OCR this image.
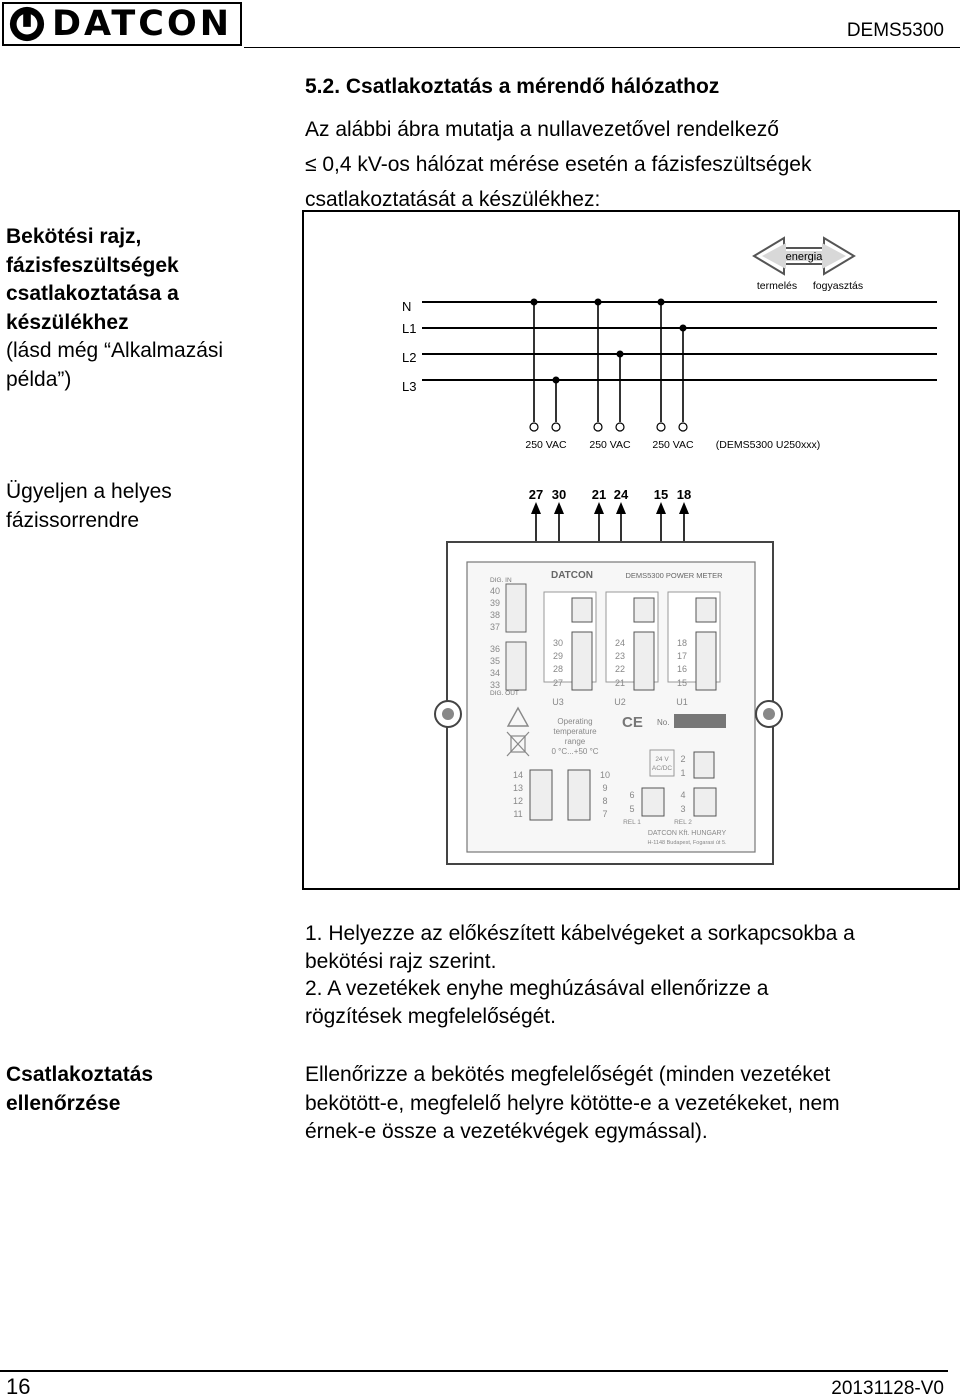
DATCON	DEMS5300
5.2. Csatlakoztatás a mérendő hálózathoz
Az alábbi ábra mutatja a nullavezetővel rendelkező
≤ 0,4 kV-os hálózat mérése esetén a fázisfeszültségek
csatlakoztatását a készülékhez:
Bekötési rajz,
fázisfeszültségek
csatlakoztatása a
készülékhez
(lásd még “Alkalmazási
példa”)
Ügyeljen a helyes
fázissorrendre
Csatlakoztatás
ellenőrzése
energia
termelés fogyasztás
N
L1
L2
L3
250 VAC 250 VAC 250 VAC (DEMS5300 U250xxx)
27 30 21 24 15 18
DATCON	DEMS5300 POWER METER
DIG. IN
DIG. OUT
40
39
38
37
36
35
34
33
30
29
28
27
24
23
22
21
18
17
16
15
U3	U2	U1
Operating
temperature
range
0 °C...+50 °C
CE No.
24 V
AC/DC
2
1
14
13
12
11
10
9
8
7
6
5
4
3
REL 1	REL 2
DATCON Kft. HUNGARY
H-1148 Budapest, Fogarasi út 5.

1. Helyezze az előkészített kábelvégeket a sorkapcsokba a

bekötési rajz szerint.

2. A vezetékek enyhe meghúzásával ellenőrizze a

rögzítések megfelelőségét.

Ellenőrizze a bekötés megfelelőségét (minden vezetéket
bekötött-e, megfelelő helyre kötötte-e a vezetékeket, nem
érnek-e össze a vezetékvégek egymással).
16	20131128-V0
